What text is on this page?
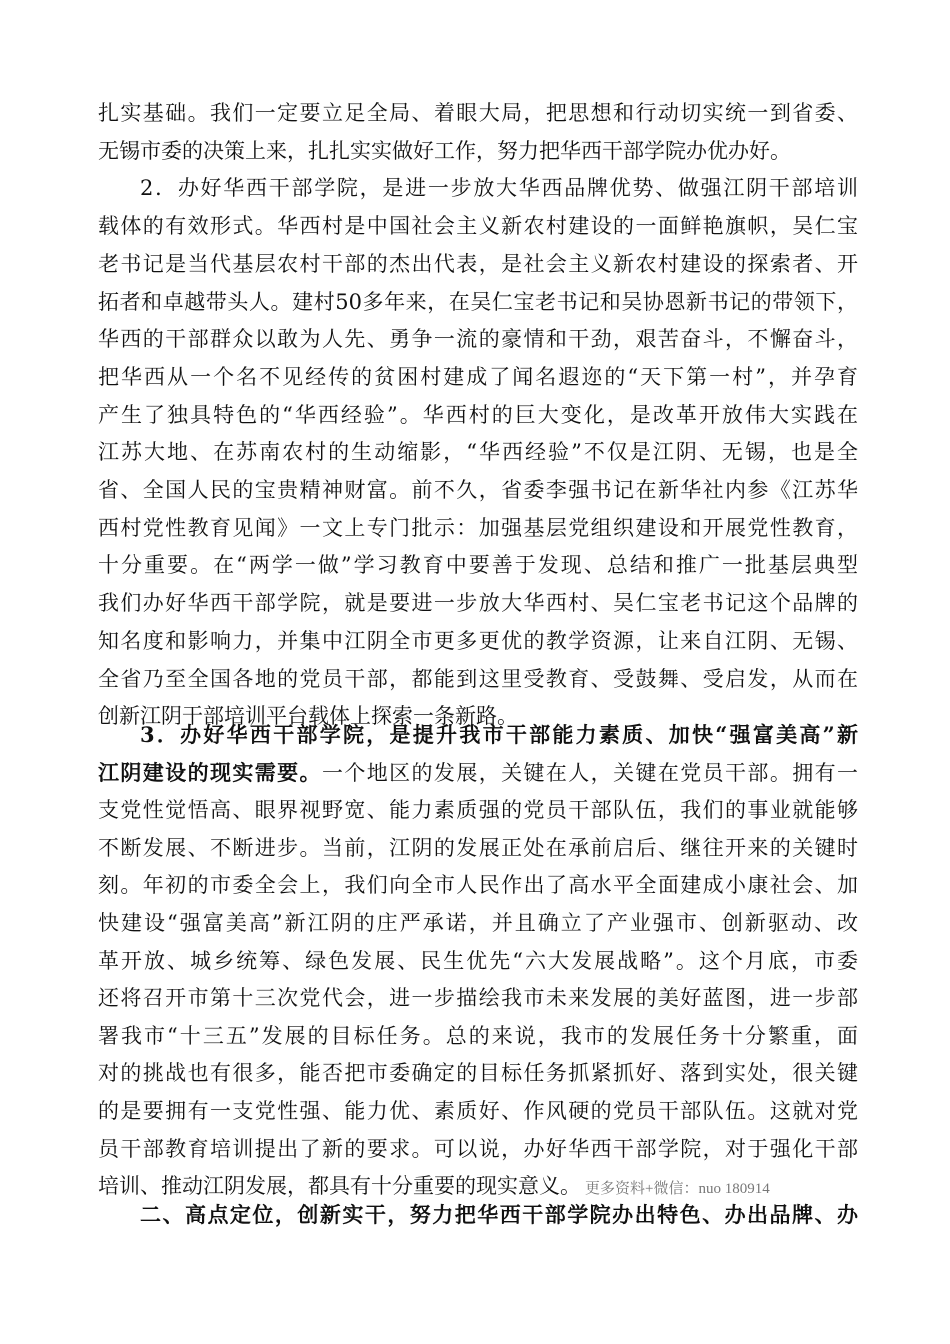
扎实基础。我们一定要立足全局、着眼大局，把思想和行动切实统一到省委、
无锡市委的决策上来，扎扎实实做好工作，努力把华西干部学院办优办好。
2．办好华西干部学院，是进一步放大华西品牌优势、做强江阴干部培训
载体的有效形式。华西村是中国社会主义新农村建设的一面鲜艳旗帜，吴仁宝
老书记是当代基层农村干部的杰出代表，是社会主义新农村建设的探索者、开
拓者和卓越带头人。建村50多年来，在吴仁宝老书记和吴协恩新书记的带领下，
华西的干部群众以敢为人先、勇争一流的豪情和干劲，艰苦奋斗，不懈奋斗，
把华西从一个名不见经传的贫困村建成了闻名遐迩的“天下第一村”，并孕育
产生了独具特色的“华西经验”。华西村的巨大变化，是改革开放伟大实践在
江苏大地、在苏南农村的生动缩影，“华西经验”不仅是江阴、无锡，也是全
省、全国人民的宝贵精神财富。前不久，省委李强书记在新华社内参《江苏华
西村党性教育见闻》一文上专门批示：加强基层党组织建设和开展党性教育，
十分重要。在“两学一做”学习教育中要善于发现、总结和推广一批基层典型
我们办好华西干部学院，就是要进一步放大华西村、吴仁宝老书记这个品牌的
知名度和影响力，并集中江阴全市更多更优的教学资源，让来自江阴、无锡、
全省乃至全国各地的党员干部，都能到这里受教育、受鼓舞、受启发，从而在
创新江阴干部培训平台载体上探索一条新路。
3．办好华西干部学院，是提升我市干部能力素质、加快“强富美高”新
江阴建设的现实需要。一个地区的发展，关键在人，关键在党员干部。拥有一
支党性觉悟高、眼界视野宽、能力素质强的党员干部队伍，我们的事业就能够
不断发展、不断进步。当前，江阴的发展正处在承前启后、继往开来的关键时
刻。年初的市委全会上，我们向全市人民作出了高水平全面建成小康社会、加
快建设“强富美高”新江阴的庄严承诺，并且确立了产业强市、创新驱动、改
革开放、城乡统筹、绿色发展、民生优先“六大发展战略”。这个月底，市委
还将召开市第十三次党代会，进一步描绘我市未来发展的美好蓝图，进一步部
署我市“十三五”发展的目标任务。总的来说，我市的发展任务十分繁重，面
对的挑战也有很多，能否把市委确定的目标任务抓紧抓好、落到实处，很关键
的是要拥有一支党性强、能力优、素质好、作风硬的党员干部队伍。这就对党
员干部教育培训提出了新的要求。可以说，办好华西干部学院，对于强化干部
培训、推动江阴发展，都具有十分重要的现实意义。 更多资料+微信：nuo 180914
二、高点定位，创新实干，努力把华西干部学院办出特色、办出品牌、办
